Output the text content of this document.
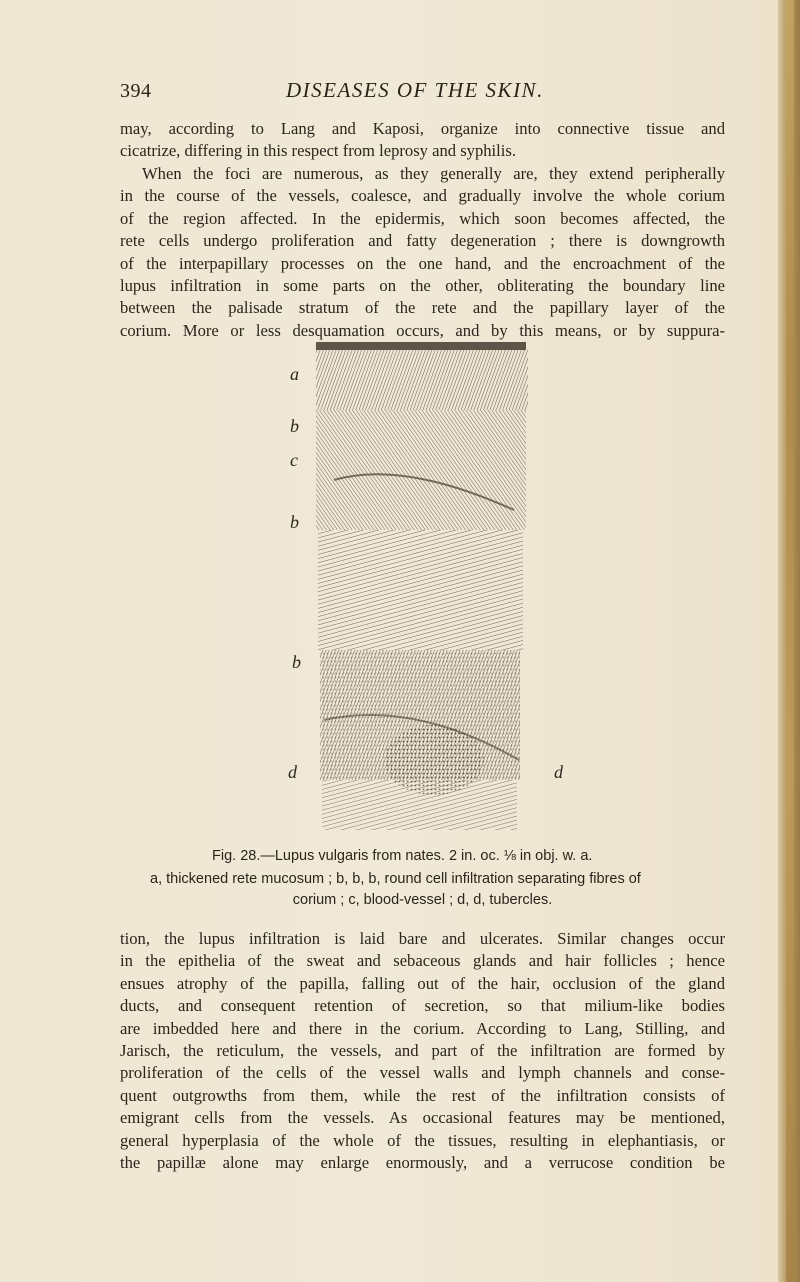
394	DISEASES OF THE SKIN.

may, according to Lang and Kaposi, organize into connective tissue and
cicatrize, differing in this respect from leprosy and syphilis.

When the foci are numerous, as they generally are, they extend peripherally
in the course of the vessels, coalesce, and gradually involve the whole corium
of the region affected. In the epidermis, which soon becomes affected, the
rete cells undergo proliferation and fatty degeneration ; there is downgrowth
of the interpapillary processes on the one hand, and the encroachment of the
lupus infiltration in some parts on the other, obliterating the boundary line
between the palisade stratum of the rete and the papillary layer of the
corium. More or less desquamation occurs, and by this means, or by suppura-

a
b
c
b
b
d	d
Fig. 28.—Lupus vulgaris from nates. 2 in. oc. ⅛ in obj. w. a.
a, thickened rete mucosum ; b, b, b, round cell infiltration separating fibres of
corium ; c, blood-vessel ; d, d, tubercles.

tion, the lupus infiltration is laid bare and ulcerates. Similar changes occur
in the epithelia of the sweat and sebaceous glands and hair follicles ; hence
ensues atrophy of the papilla, falling out of the hair, occlusion of the gland
ducts, and consequent retention of secretion, so that milium-like bodies
are imbedded here and there in the corium. According to Lang, Stilling, and
Jarisch, the reticulum, the vessels, and part of the infiltration are formed by
proliferation of the cells of the vessel walls and lymph channels and conse-
quent outgrowths from them, while the rest of the infiltration consists of
emigrant cells from the vessels. As occasional features may be mentioned,
general hyperplasia of the whole of the tissues, resulting in elephantiasis, or
the papillæ alone may enlarge enormously, and a verrucose condition be
